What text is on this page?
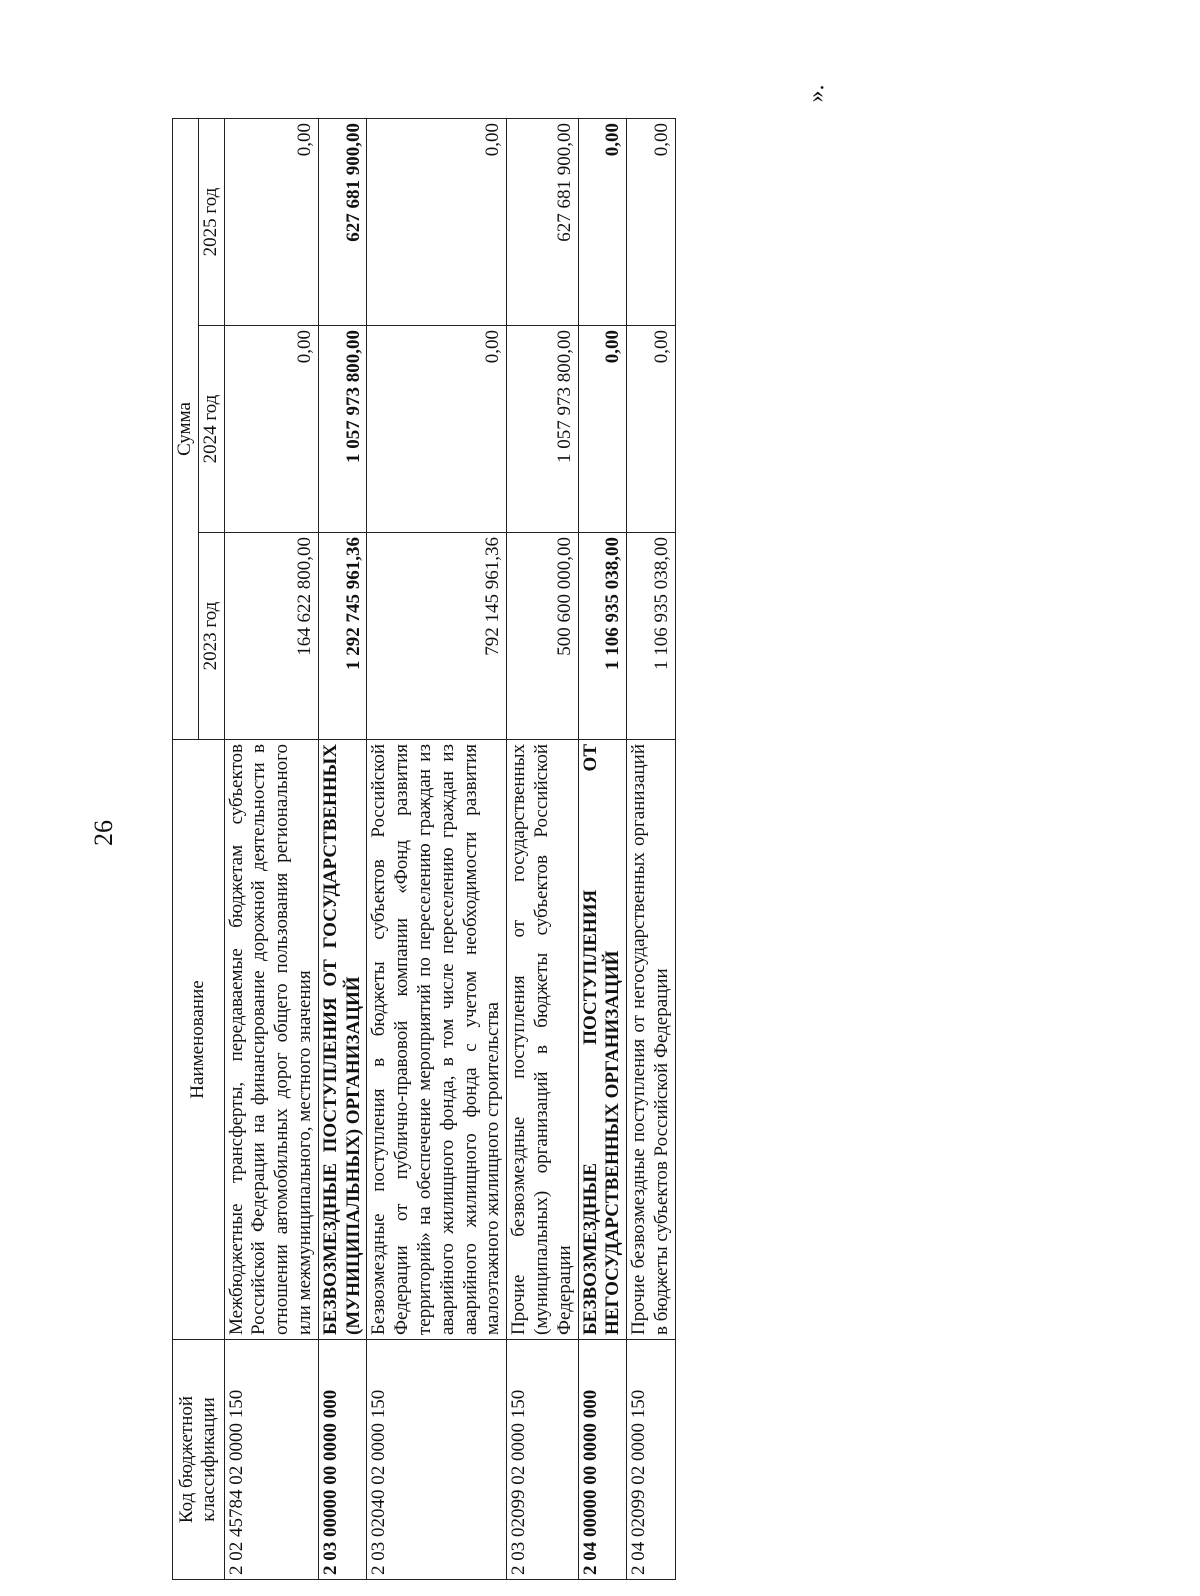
26
».
Код бюджетной классификации	Наименование	Сумма		
		2023 год	2024 год	2025 год
2 02 45784 02 0000 150	Межбюджетные трансферты, передаваемые бюджетам субъектов Российской Федерации на финансирование дорожной деятельности в отношении автомобильных дорог общего пользования регионального или межмуниципального, местного значения	164 622 800,00	0,00	0,00
2 03 00000 00 0000 000	БЕЗВОЗМЕЗДНЫЕ ПОСТУПЛЕНИЯ ОТ ГОСУДАРСТВЕННЫХ (МУНИЦИПАЛЬНЫХ) ОРГАНИЗАЦИЙ	1 292 745 961,36	1 057 973 800,00	627 681 900,00
2 03 02040 02 0000 150	Безвозмездные поступления в бюджеты субъектов Российской Федерации от публично-правовой компании «Фонд развития территорий» на обеспечение мероприятий по переселению граждан из аварийного жилищного фонда, в том числе переселению граждан из аварийного жилищного фонда с учетом необходимости развития малоэтажного жилищного строительства	792 145 961,36	0,00	0,00
2 03 02099 02 0000 150	Прочие безвозмездные поступления от государственных (муниципальных) организаций в бюджеты субъектов Российской Федерации	500 600 000,00	1 057 973 800,00	627 681 900,00
2 04 00000 00 0000 000	БЕЗВОЗМЕЗДНЫЕ ПОСТУПЛЕНИЯ ОТ НЕГОСУДАРСТВЕННЫХ ОРГАНИЗАЦИЙ	1 106 935 038,00	0,00	0,00
2 04 02099 02 0000 150	Прочие безвозмездные поступления от негосударственных организаций в бюджеты субъектов Российской Федерации	1 106 935 038,00	0,00	0,00
